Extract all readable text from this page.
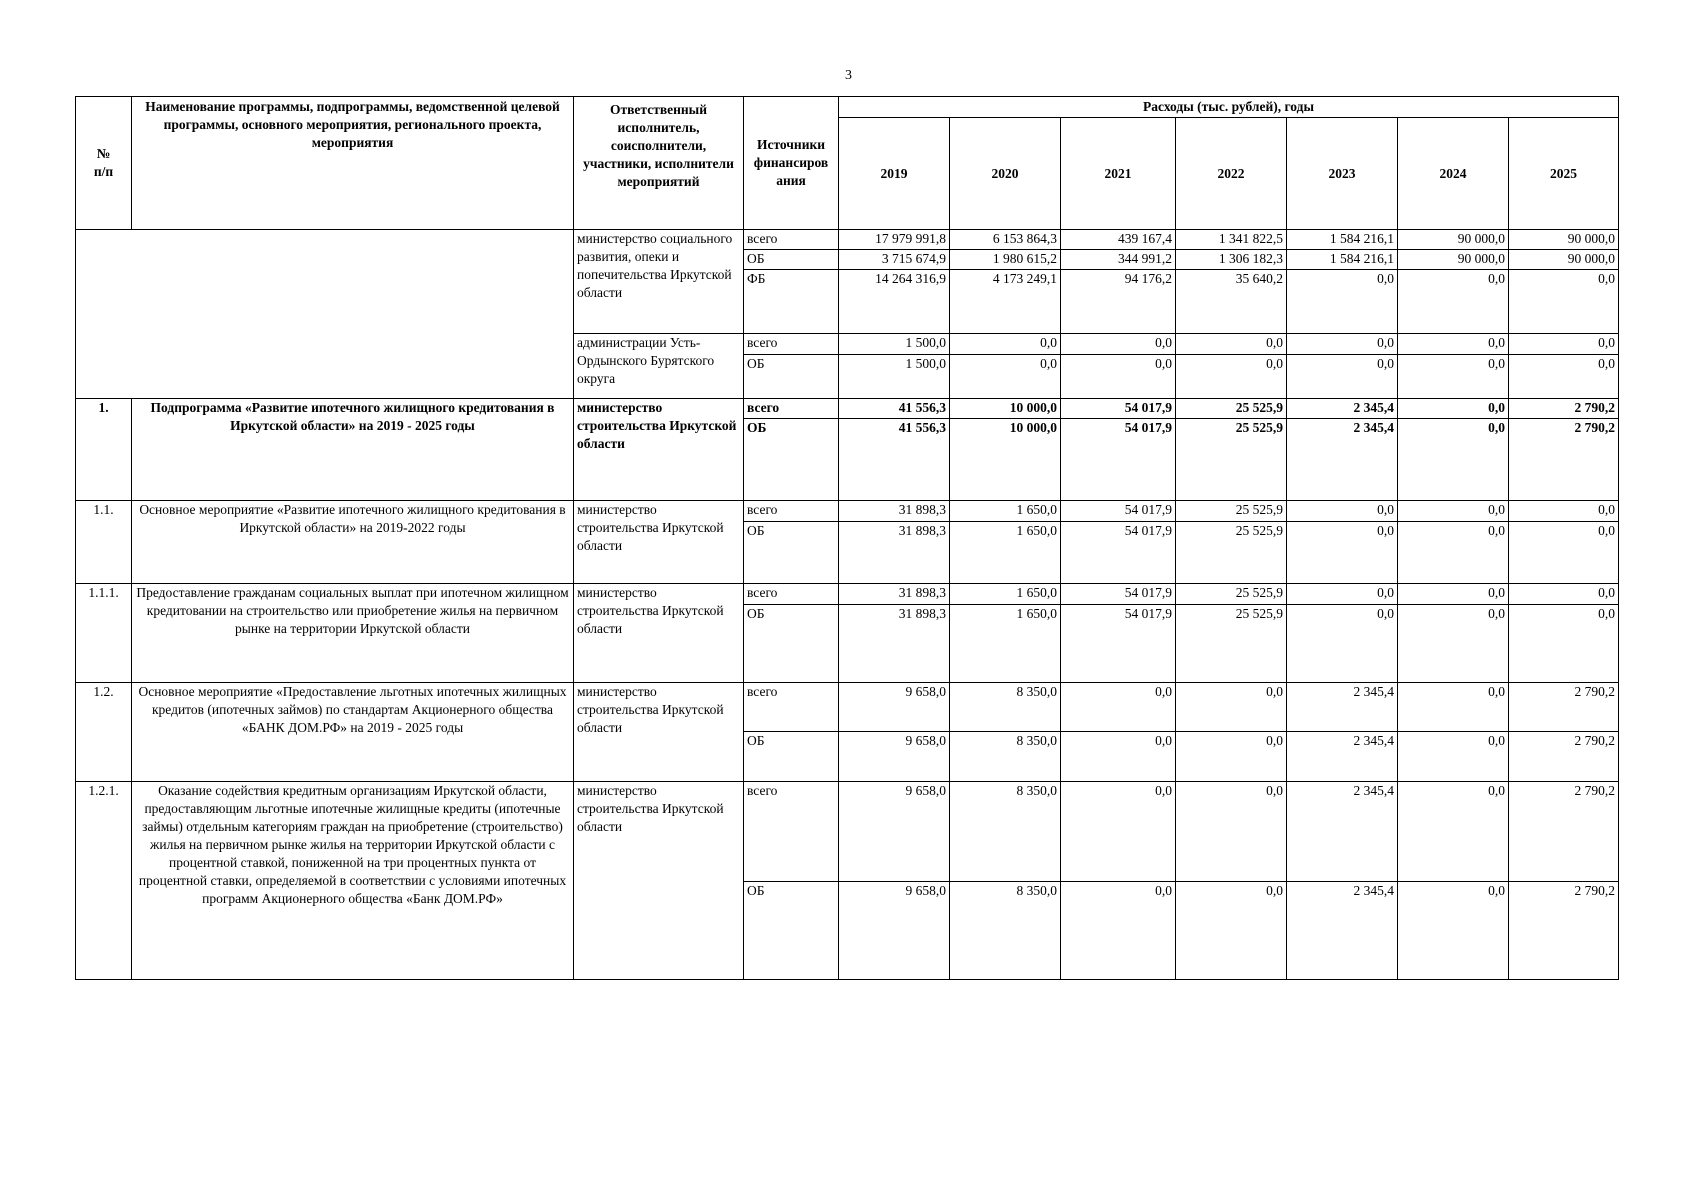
3
№
п/п	Наименование программы, подпрограммы, ведомственной целевой программы, основного мероприятия, регионального проекта, мероприятия	Ответственный исполнитель, соисполнители, участники, исполнители мероприятий	Источники финансиров ания	Расходы (тыс. рублей), годы						
				2019	2020	2021	2022	2023	2024	2025
		министерство социального развития, опеки и попечительства Иркутской области	всего	17 979 991,8	6 153 864,3	439 167,4	1 341 822,5	1 584 216,1	90 000,0	90 000,0
			ОБ	3 715 674,9	1 980 615,2	344 991,2	1 306 182,3	1 584 216,1	90 000,0	90 000,0
			ФБ	14 264 316,9	4 173 249,1	94 176,2	35 640,2	0,0	0,0	0,0
		администрации Усть-Ордынского Бурятского округа	всего	1 500,0	0,0	0,0	0,0	0,0	0,0	0,0
			ОБ	1 500,0	0,0	0,0	0,0	0,0	0,0	0,0
1.	Подпрограмма «Развитие ипотечного жилищного кредитования в Иркутской области» на 2019 - 2025 годы	министерство строительства Иркутской области	всего	41 556,3	10 000,0	54 017,9	25 525,9	2 345,4	0,0	2 790,2
			ОБ	41 556,3	10 000,0	54 017,9	25 525,9	2 345,4	0,0	2 790,2
1.1.	Основное мероприятие «Развитие ипотечного жилищного кредитования в Иркутской области» на 2019-2022 годы	министерство строительства Иркутской области	всего	31 898,3	1 650,0	54 017,9	25 525,9	0,0	0,0	0,0
			ОБ	31 898,3	1 650,0	54 017,9	25 525,9	0,0	0,0	0,0
1.1.1.	Предоставление гражданам социальных выплат при ипотечном жилищном кредитовании на строительство или приобретение жилья на первичном рынке на территории Иркутской области	министерство строительства Иркутской области	всего	31 898,3	1 650,0	54 017,9	25 525,9	0,0	0,0	0,0
			ОБ	31 898,3	1 650,0	54 017,9	25 525,9	0,0	0,0	0,0
1.2.	Основное мероприятие «Предоставление льготных ипотечных жилищных кредитов (ипотечных займов) по стандартам Акционерного общества «БАНК ДОМ.РФ» на 2019 - 2025 годы	министерство строительства Иркутской области	всего	9 658,0	8 350,0	0,0	0,0	2 345,4	0,0	2 790,2
			ОБ	9 658,0	8 350,0	0,0	0,0	2 345,4	0,0	2 790,2
1.2.1.	Оказание содействия кредитным организациям Иркутской области, предоставляющим льготные ипотечные жилищные кредиты (ипотечные займы) отдельным категориям граждан на приобретение (строительство) жилья на первичном рынке жилья на территории Иркутской области с процентной ставкой, пониженной на три процентных пункта от процентной ставки, определяемой в соответствии с условиями ипотечных программ Акционерного общества «Банк ДОМ.РФ»	министерство строительства Иркутской области	всего	9 658,0	8 350,0	0,0	0,0	2 345,4	0,0	2 790,2
			ОБ	9 658,0	8 350,0	0,0	0,0	2 345,4	0,0	2 790,2
